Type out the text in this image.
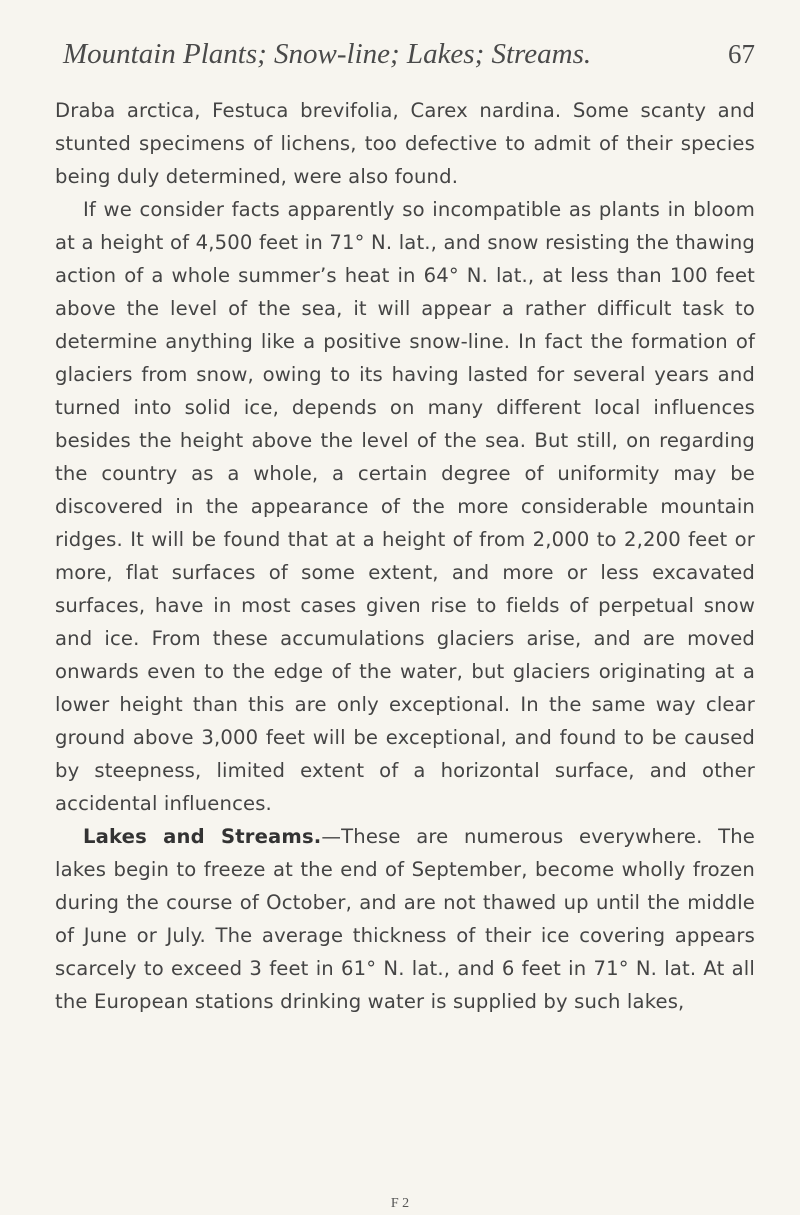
Mountain Plants; Snow-line; Lakes; Streams.	67

Draba arctica, Festuca brevifolia, Carex nardina. Some scanty and stunted specimens of lichens, too defective to admit of their species being duly determined, were also found.

If we consider facts apparently so incompatible as plants in bloom at a height of 4,500 feet in 71° N. lat., and snow resisting the thawing action of a whole summer’s heat in 64° N. lat., at less than 100 feet above the level of the sea, it will appear a rather difficult task to determine anything like a positive snow-line. In fact the formation of glaciers from snow, owing to its having lasted for several years and turned into solid ice, depends on many different local influences besides the height above the level of the sea. But still, on regarding the country as a whole, a certain degree of uniformity may be discovered in the appearance of the more considerable mountain ridges. It will be found that at a height of from 2,000 to 2,200 feet or more, flat surfaces of some extent, and more or less excavated surfaces, have in most cases given rise to fields of perpetual snow and ice. From these accumulations glaciers arise, and are moved onwards even to the edge of the water, but glaciers originating at a lower height than this are only exceptional. In the same way clear ground above 3,000 feet will be exceptional, and found to be caused by steepness, limited extent of a horizontal surface, and other accidental influences.

Lakes and Streams.—These are numerous everywhere. The lakes begin to freeze at the end of September, become wholly frozen during the course of October, and are not thawed up until the middle of June or July. The average thickness of their ice covering appears scarcely to exceed 3 feet in 61° N. lat., and 6 feet in 71° N. lat. At all the European stations drinking water is supplied by such lakes,

F 2
